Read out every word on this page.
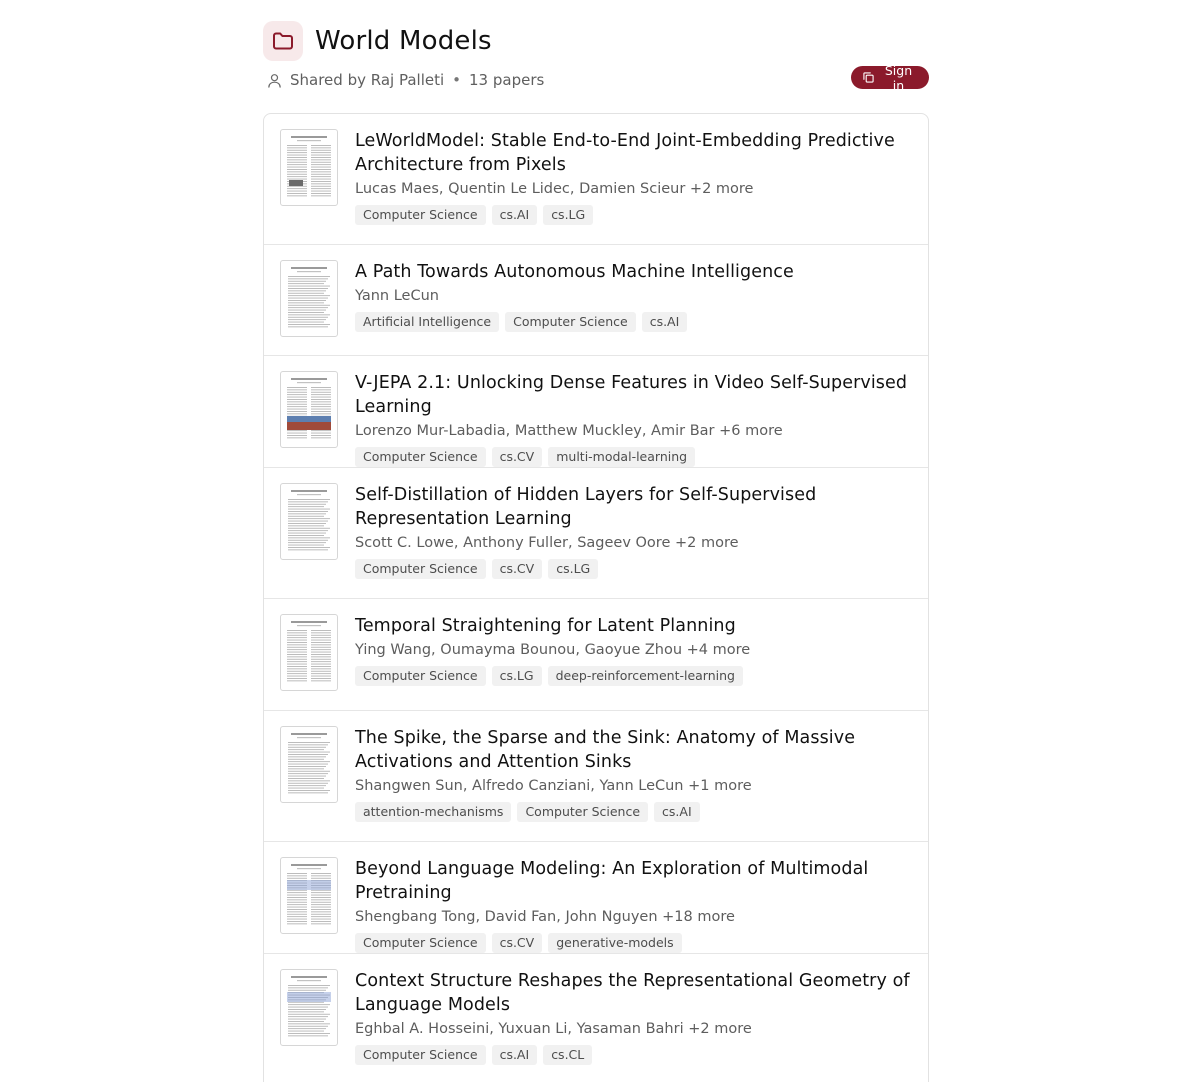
World Models
Shared by Raj Palleti • 13 papers
Sign in
LeWorldModel: Stable End-to-End Joint-Embedding Predictive Architecture from Pixels
Lucas Maes, Quentin Le Lidec, Damien Scieur +2 more
Computer Science	cs.AI	cs.LG
A Path Towards Autonomous Machine Intelligence
Yann LeCun
Artificial Intelligence	Computer Science	cs.AI
V-JEPA 2.1: Unlocking Dense Features in Video Self-Supervised Learning
Lorenzo Mur-Labadia, Matthew Muckley, Amir Bar +6 more
Computer Science	cs.CV	multi-modal-learning
Self-Distillation of Hidden Layers for Self-Supervised Representation Learning
Scott C. Lowe, Anthony Fuller, Sageev Oore +2 more
Computer Science	cs.CV	cs.LG
Temporal Straightening for Latent Planning
Ying Wang, Oumayma Bounou, Gaoyue Zhou +4 more
Computer Science	cs.LG	deep-reinforcement-learning
The Spike, the Sparse and the Sink: Anatomy of Massive Activations and Attention Sinks
Shangwen Sun, Alfredo Canziani, Yann LeCun +1 more
attention-mechanisms	Computer Science	cs.AI
Beyond Language Modeling: An Exploration of Multimodal Pretraining
Shengbang Tong, David Fan, John Nguyen +18 more
Computer Science	cs.CV	generative-models
Context Structure Reshapes the Representational Geometry of Language Models
Eghbal A. Hosseini, Yuxuan Li, Yasaman Bahri +2 more
Computer Science	cs.AI	cs.CL
